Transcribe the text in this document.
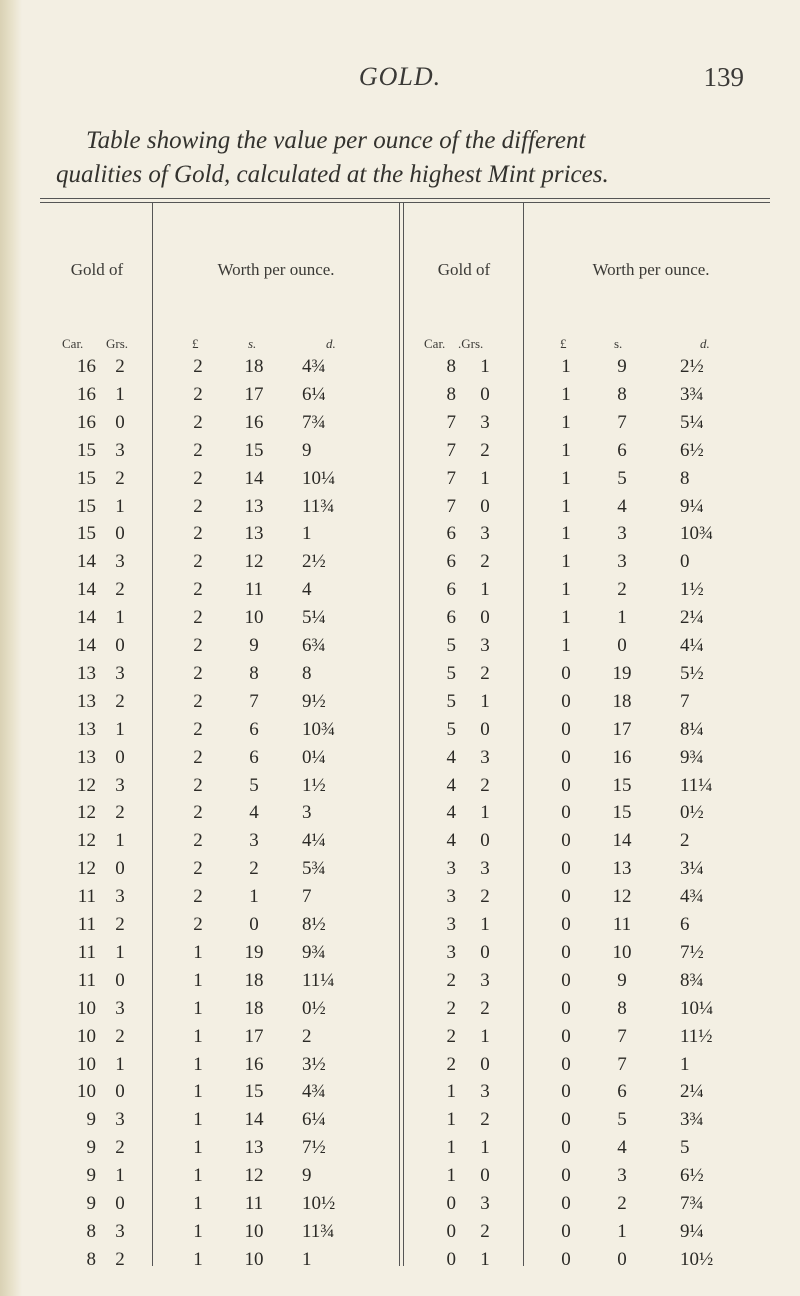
GOLD.	139
Table showing the value per ounce of the different
qualities of Gold, calculated at the highest Mint prices.
Gold of	Worth per ounce.	Gold of	Worth per ounce.
Car. Grs.	£	s.	d.	Car. .Grs.	£	s.	d.
16 2	2	18	4¾	8 1	1	9	2½
16 1	2	17	6¼	8 0	1	8	3¾
16 0	2	16	7¾	7 3	1	7	5¼
15 3	2	15	9	7 2	1	6	6½
15 2	2	14	10¼	7 1	1	5	8
15 1	2	13	11¾	7 0	1	4	9¼
15 0	2	13	1	6 3	1	3	10¾
14 3	2	12	2½	6 2	1	3	0
14 2	2	11	4	6 1	1	2	1½
14 1	2	10	5¼	6 0	1	1	2¼
14 0	2	9	6¾	5 3	1	0	4¼
13 3	2	8	8	5 2	0	19	5½
13 2	2	7	9½	5 1	0	18	7
13 1	2	6	10¾	5 0	0	17	8¼
13 0	2	6	0¼	4 3	0	16	9¾
12 3	2	5	1½	4 2	0	15	11¼
12 2	2	4	3	4 1	0	15	0½
12 1	2	3	4¼	4 0	0	14	2
12 0	2	2	5¾	3 3	0	13	3¼
11 3	2	1	7	3 2	0	12	4¾
11 2	2	0	8½	3 1	0	11	6
11 1	1	19	9¾	3 0	0	10	7½
11 0	1	18	11¼	2 3	0	9	8¾
10 3	1	18	0½	2 2	0	8	10¼
10 2	1	17	2	2 1	0	7	11½
10 1	1	16	3½	2 0	0	7	1
10 0	1	15	4¾	1 3	0	6	2¼
9 3	1	14	6¼	1 2	0	5	3¾
9 2	1	13	7½	1 1	0	4	5
9 1	1	12	9	1 0	0	3	6½
9 0	1	11	10½	0 3	0	2	7¾
8 3	1	10	11¾	0 2	0	1	9¼
8 2	1	10	1	0 1	0	0	10½
